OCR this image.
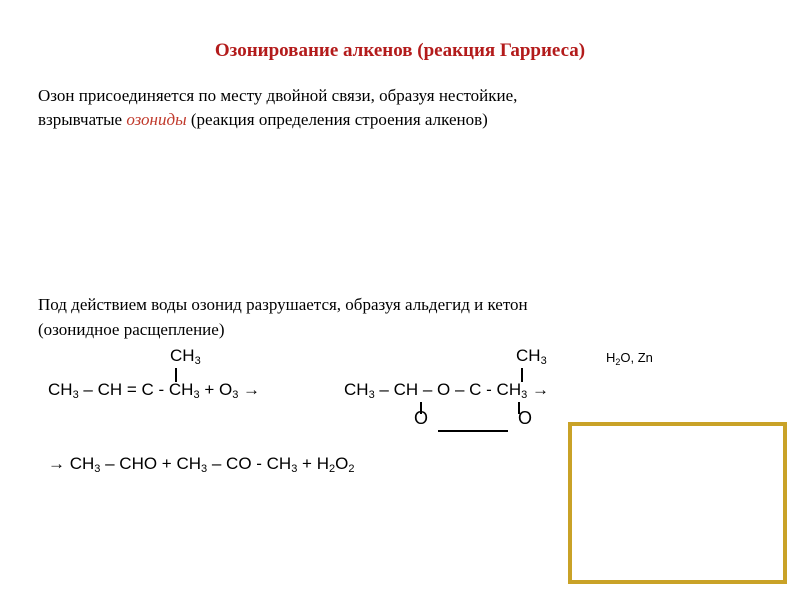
Озонирование алкенов (реакция Гарриеса)
Озон присоединяется по месту двойной связи, образуя нестойкие,
взрывчатые озониды (реакция определения строения алкенов)
Под действием воды озонид разрушается, образуя альдегид и кетон
(озонидное расщепление)
$CH_3$	$CH_3$	$H_2O$, Zn
$CH_3$ – CH = $C - CH_3 + O_3$ →	$CH_3$ – CH – O – C - $CH_3$ →
O	O
→ $CH_3$ – CHO + $CH_3$ – CO - $CH_3 + H_2O_2$
